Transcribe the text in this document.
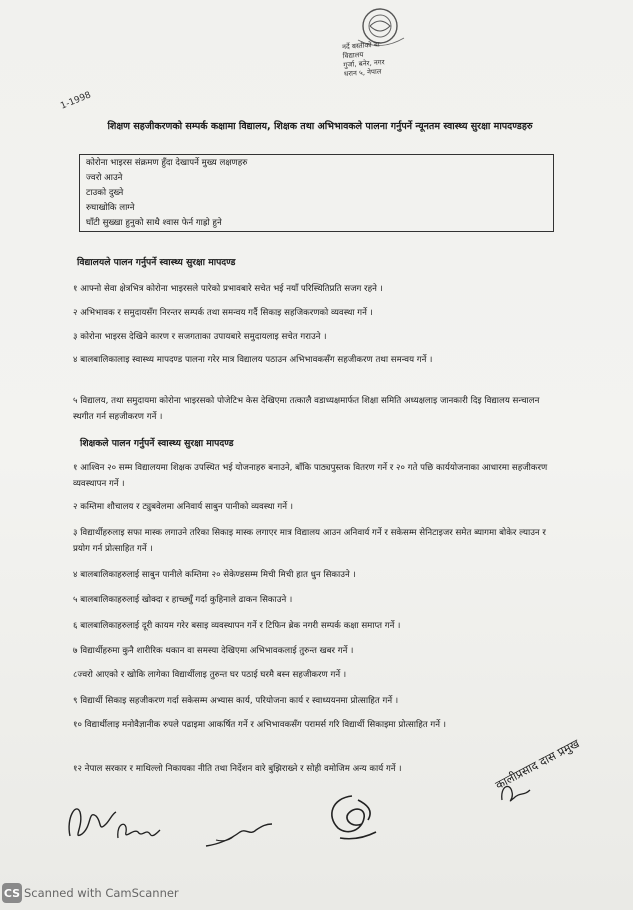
नर्दे बस्तीको बा
विद्यालय
गुर्जा, बनेर, नगर
धरान ५, नेपाल
1-1998
शिक्षण सहजीकरणको सम्पर्क कक्षामा विद्यालय, शिक्षक तथा अभिभावकले पालना गर्नुपर्ने न्यूनतम स्वास्थ्य सुरक्षा मापदण्डहरु
कोरोना भाइरस संक्रमण हुँदा देखापर्ने मुख्य लक्षणहरु
ज्वरो आउने
टाउको दुख्ने
रुघाखोकि लाग्ने
घाँटी सुख्खा हुनुको साथै श्वास फेर्न गाह्रो हुने
विद्यालयले पालन गर्नुपर्ने स्वास्थ्य सुरक्षा मापदण्ड
१ आफ्नो सेवा क्षेत्रभित्र कोरोना भाइरसले पारेको प्रभावबारे सचेत भई नयाँ परिस्थितिप्रति सजग रहने ।
२ अभिभावक र समुदायसँग निरन्तर सम्पर्क तथा समन्वय गर्दै सिकाइ सहजिकरणको व्यवस्था गर्ने ।
३ कोरोना भाइरस देखिने कारण र सजगताका उपायबारे समुदायलाइ सचेत गराउने ।
४ बालबालिकालाइ स्वास्थ्य मापदण्ड पालना गरेर मात्र विद्यालय पठाउन अभिभावकसँग सहजीकरण तथा समन्वय गर्ने ।
५ विद्यालय, तथा समुदायमा कोरोना भाइरसको पोजेटिभ केस देखिएमा तत्कालै वडाध्यक्षमार्फत शिक्षा समिति अध्यक्षलाइ जानकारी दिइ विद्यालय सन्चालन स्थगीत गर्न सहजीकरण गर्ने ।
शिक्षकले पालन गर्नुपर्ने स्वास्थ्य सुरक्षा मापदण्ड
१ आश्विन २० सम्म विद्यालयमा शिक्षक उपस्थित भई योजनाहरु बनाउने, बाँकि पाठ्यपुस्तक वितरण गर्ने र २० गते पछि कार्ययोजनाका आधारमा सहजीकरण व्यवस्थापन गर्ने ।
२ कम्तिमा शौचालय र ट्युबवेलमा अनिवार्य साबुन पानीको व्यवस्था गर्ने ।
३ विद्यार्थीहरुलाइ सफा मास्क लगाउने तरिका सिकाइ मास्क लगाएर मात्र विद्यालय आउन अनिवार्य गर्ने र सकेसम्म सेनिटाइजर समेत ब्यागमा बोकेर ल्याउन र प्रयोग गर्न प्रोत्साहित गर्ने ।
४ बालबालिकाहरुलाई साबुन पानीले कम्तिमा २० सेकेण्डसम्म मिची मिची हात धुन सिकाउने ।
५ बालबालिकाहरुलाई खोक्दा र हाच्छ्युँ गर्दा कुहिनाले ढाकन सिकाउने ।
६ बालबालिकाहरुलाई दूरी कायम गरेर बसाइ व्यवस्थापन गर्ने र टिफिन ब्रेक नगरी सम्पर्क कक्षा समाप्त गर्ने ।
७ विद्यार्थीहरुमा कुनै शारीरिक थकान वा समस्या देखिएमा अभिभावकलाई तुरुन्त खबर गर्ने ।
८ज्वरो आएको र खोकि लागेका विद्यार्थीलाइ तुरुन्त घर पठाई घरमै बस्न सहजीकरण गर्ने ।
९ विद्यार्थी सिकाइ सहजीकरण गर्दा सकेसम्म अभ्यास कार्य, परियोजना कार्य र स्वाध्ययनमा प्रोत्साहित गर्ने ।
१० विद्यार्थीलाइ मनोवैज्ञानीक रुपले पढाइमा आकर्षित गर्ने र अभिभावकसँग परामर्स गरि विद्यार्थी सिकाइमा प्रोत्साहित गर्ने ।
१२ नेपाल सरकार र माथिल्लो निकायका नीति तथा निर्देशन वारे बुझिराख्ने र सोही वमोजिम अन्य कार्य गर्ने ।	कालीप्रसाद दास प्रमुख
CS Scanned with CamScanner
